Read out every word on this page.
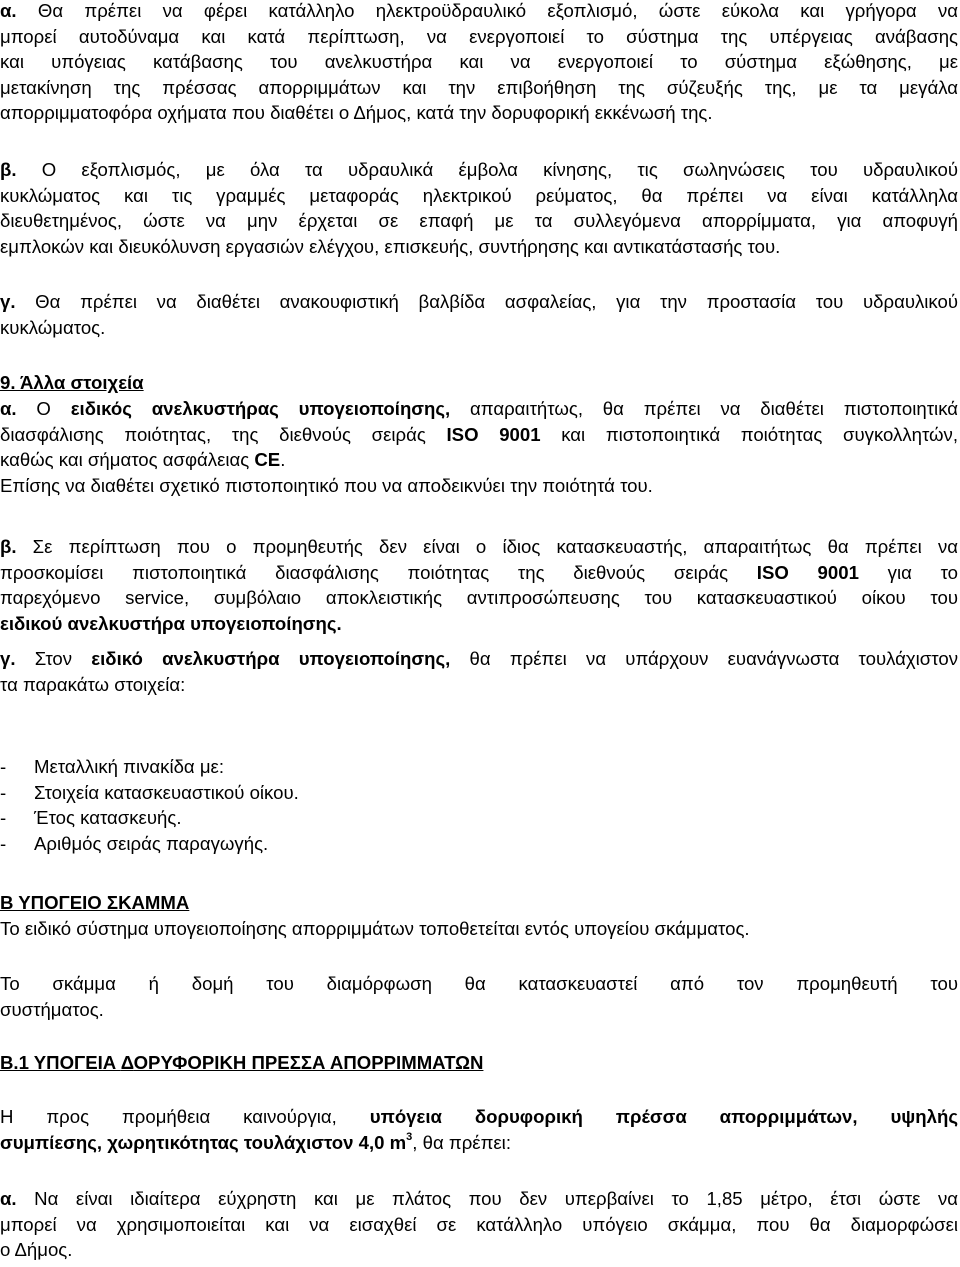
α. Θα πρέπει να φέρει κατάλληλο ηλεκτροϋδραυλικό εξοπλισμό, ώστε εύκολα και γρήγορα να
μπορεί αυτοδύναμα και κατά περίπτωση, να ενεργοποιεί το σύστημα της υπέργειας ανάβασης
και υπόγειας κατάβασης του ανελκυστήρα και να ενεργοποιεί το σύστημα εξώθησης, με
μετακίνηση της πρέσσας απορριμμάτων και την επιβοήθηση της σύζευξής της, με τα μεγάλα
απορριμματοφόρα οχήματα που διαθέτει ο Δήμος, κατά την δορυφορική εκκένωσή της.
β. Ο εξοπλισμός, με όλα τα υδραυλικά έμβολα κίνησης, τις σωληνώσεις του υδραυλικού
κυκλώματος και τις γραμμές μεταφοράς ηλεκτρικού ρεύματος, θα πρέπει να είναι κατάλληλα
διευθετημένος, ώστε να μην έρχεται σε επαφή με τα συλλεγόμενα απορρίμματα, για αποφυγή
εμπλοκών και διευκόλυνση εργασιών ελέγχου, επισκευής, συντήρησης και αντικατάστασής του.
γ. Θα πρέπει να διαθέτει ανακουφιστική βαλβίδα ασφαλείας, για την προστασία του υδραυλικού
κυκλώματος.
9. Άλλα στοιχεία
α. Ο ειδικός ανελκυστήρας υπογειοποίησης, απαραιτήτως, θα πρέπει να διαθέτει πιστοποιητικά
διασφάλισης ποιότητας, της διεθνούς σειράς ISO 9001 και πιστοποιητικά ποιότητας συγκολλητών,
καθώς και σήματος ασφάλειας CE.
Επίσης να διαθέτει σχετικό πιστοποιητικό που να αποδεικνύει την ποιότητά του.
β. Σε περίπτωση που ο προμηθευτής δεν είναι ο ίδιος κατασκευαστής, απαραιτήτως θα πρέπει να
προσκομίσει πιστοποιητικά διασφάλισης ποιότητας της διεθνούς σειράς ISO 9001 για το
παρεχόμενο service, συμβόλαιο αποκλειστικής αντιπροσώπευσης του κατασκευαστικού οίκου του
ειδικού ανελκυστήρα υπογειοποίησης.
γ. Στον ειδικό ανελκυστήρα υπογειοποίησης, θα πρέπει να υπάρχουν ευανάγνωστα τουλάχιστον
τα παρακάτω στοιχεία:
- Μεταλλική πινακίδα με:
- Στοιχεία κατασκευαστικού οίκου.
- Έτος κατασκευής.
- Αριθμός σειράς παραγωγής.
Β ΥΠΟΓΕΙΟ ΣΚΑΜΜΑ
Το ειδικό σύστημα υπογειοποίησης απορριμμάτων τοποθετείται εντός υπογείου σκάμματος.
Το σκάμμα ή δομή του διαμόρφωση θα κατασκευαστεί από τον προμηθευτή του
συστήματος.
Β.1 ΥΠΟΓΕΙΑ ΔΟΡΥΦΟΡΙΚΗ ΠΡΕΣΣΑ ΑΠΟΡΡΙΜΜΑΤΩΝ
Η προς προμήθεια καινούργια, υπόγεια δορυφορική πρέσσα απορριμμάτων, υψηλής
συμπίεσης, χωρητικότητας τουλάχιστον 4,0 $m^3$, θα πρέπει:
α. Να είναι ιδιαίτερα εύχρηστη και με πλάτος που δεν υπερβαίνει το 1,85 μέτρο, έτσι ώστε να
μπορεί να χρησιμοποιείται και να εισαχθεί σε κατάλληλο υπόγειο σκάμμα, που θα διαμορφώσει
ο Δήμος.
